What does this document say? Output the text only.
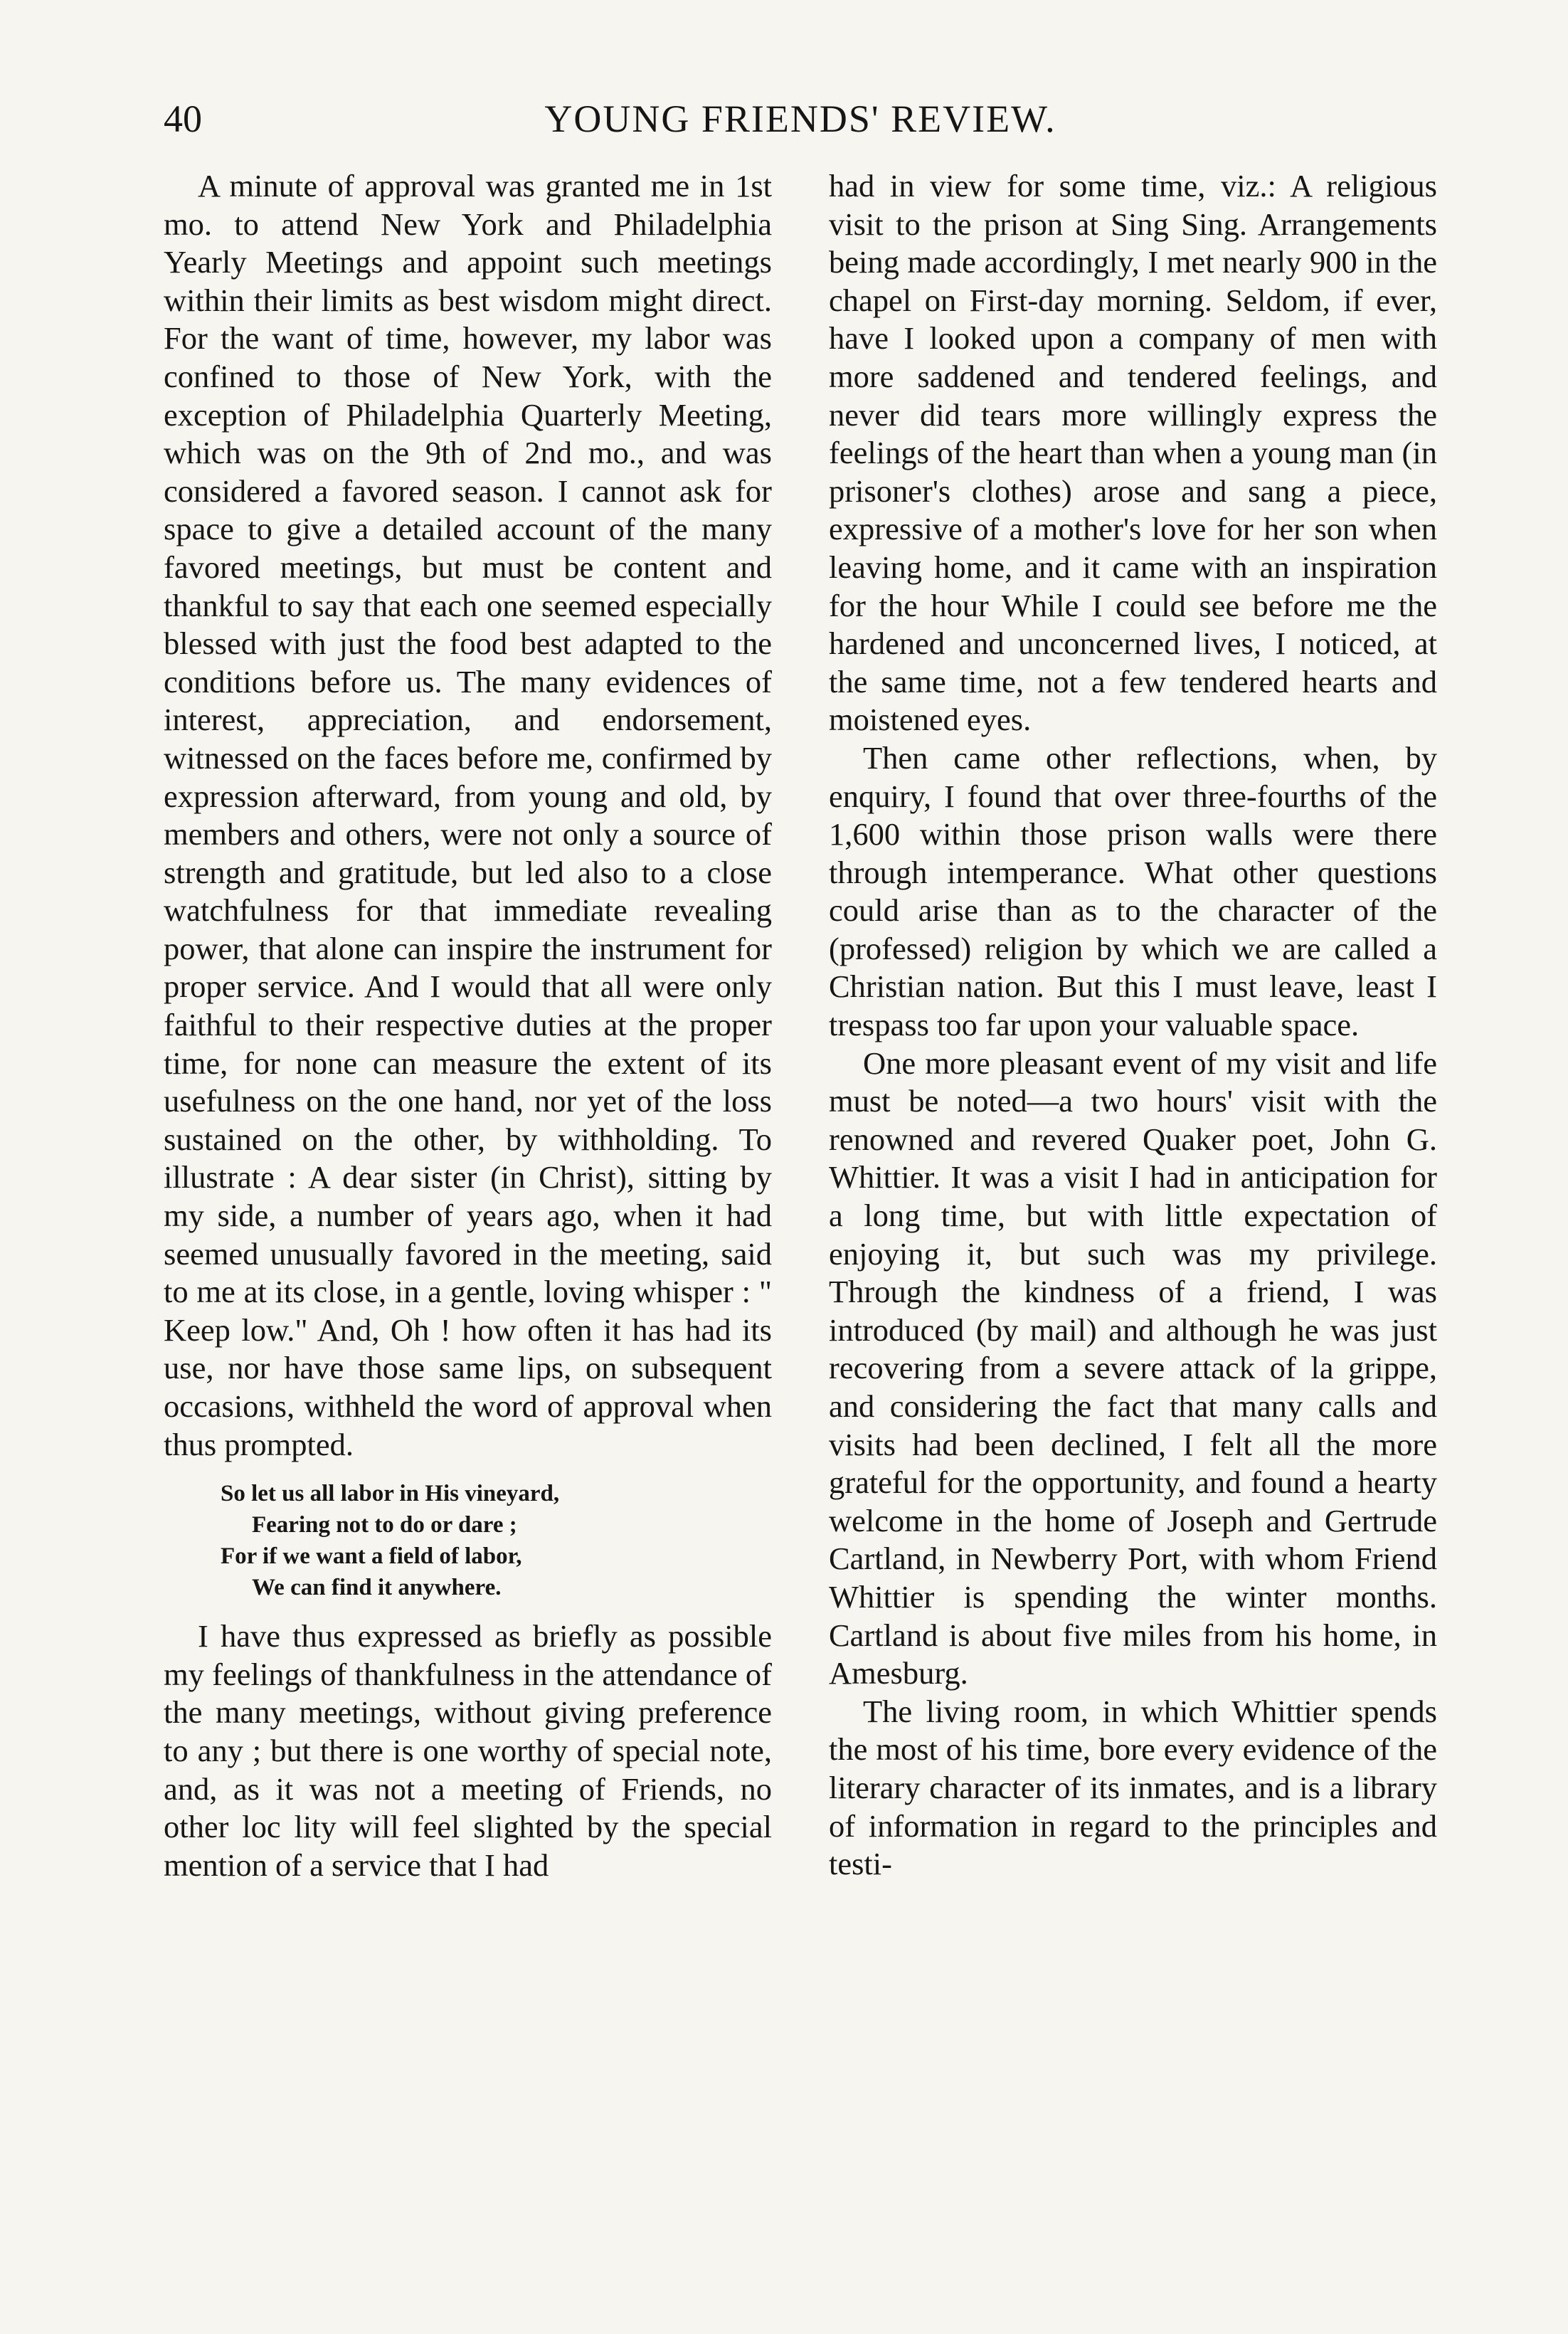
40	YOUNG FRIENDS' REVIEW.

A minute of approval was granted me in 1st mo. to attend New York and Philadelphia Yearly Meetings and appoint such meetings within their limits as best wisdom might direct. For the want of time, however, my labor was confined to those of New York, with the exception of Philadelphia Quarterly Meeting, which was on the 9th of 2nd mo., and was considered a favored season. I cannot ask for space to give a detailed account of the many favored meetings, but must be content and thankful to say that each one seemed especially blessed with just the food best adapted to the conditions before us. The many evidences of interest, appreciation, and endorsement, witnessed on the faces before me, confirmed by expression afterward, from young and old, by members and others, were not only a source of strength and gratitude, but led also to a close watchfulness for that immediate revealing power, that alone can inspire the instrument for proper service. And I would that all were only faithful to their respective duties at the proper time, for none can measure the extent of its usefulness on the one hand, nor yet of the loss sustained on the other, by withholding. To illustrate : A dear sister (in Christ), sitting by my side, a number of years ago, when it had seemed unusually favored in the meeting, said to me at its close, in a gentle, loving whisper : " Keep low." And, Oh ! how often it has had its use, nor have those same lips, on subsequent occasions, withheld the word of approval when thus prompted.

So let us all labor in His vineyard,
Fearing not to do or dare ;
For if we want a field of labor,
We can find it anywhere.

I have thus expressed as briefly as possible my feelings of thankfulness in the attendance of the many meetings, without giving preference to any ; but there is one worthy of special note, and, as it was not a meeting of Friends, no other loc lity will feel slighted by the special mention of a service that I had

had in view for some time, viz.: A religious visit to the prison at Sing Sing. Arrangements being made accordingly, I met nearly 900 in the chapel on First-day morning. Seldom, if ever, have I looked upon a company of men with more saddened and tendered feelings, and never did tears more willingly express the feelings of the heart than when a young man (in prisoner's clothes) arose and sang a piece, expressive of a mother's love for her son when leaving home, and it came with an inspiration for the hour While I could see before me the hardened and unconcerned lives, I noticed, at the same time, not a few tendered hearts and moistened eyes.

Then came other reflections, when, by enquiry, I found that over three-fourths of the 1,600 within those prison walls were there through intemperance. What other questions could arise than as to the character of the (professed) religion by which we are called a Christian nation. But this I must leave, least I trespass too far upon your valuable space.

One more pleasant event of my visit and life must be noted—a two hours' visit with the renowned and revered Quaker poet, John G. Whittier. It was a visit I had in anticipation for a long time, but with little expectation of enjoying it, but such was my privilege. Through the kindness of a friend, I was introduced (by mail) and although he was just recovering from a severe attack of la grippe, and considering the fact that many calls and visits had been declined, I felt all the more grateful for the opportunity, and found a hearty welcome in the home of Joseph and Gertrude Cartland, in Newberry Port, with whom Friend Whittier is spending the winter months. Cartland is about five miles from his home, in Amesburg.

The living room, in which Whittier spends the most of his time, bore every evidence of the literary character of its inmates, and is a library of information in regard to the principles and testi-
